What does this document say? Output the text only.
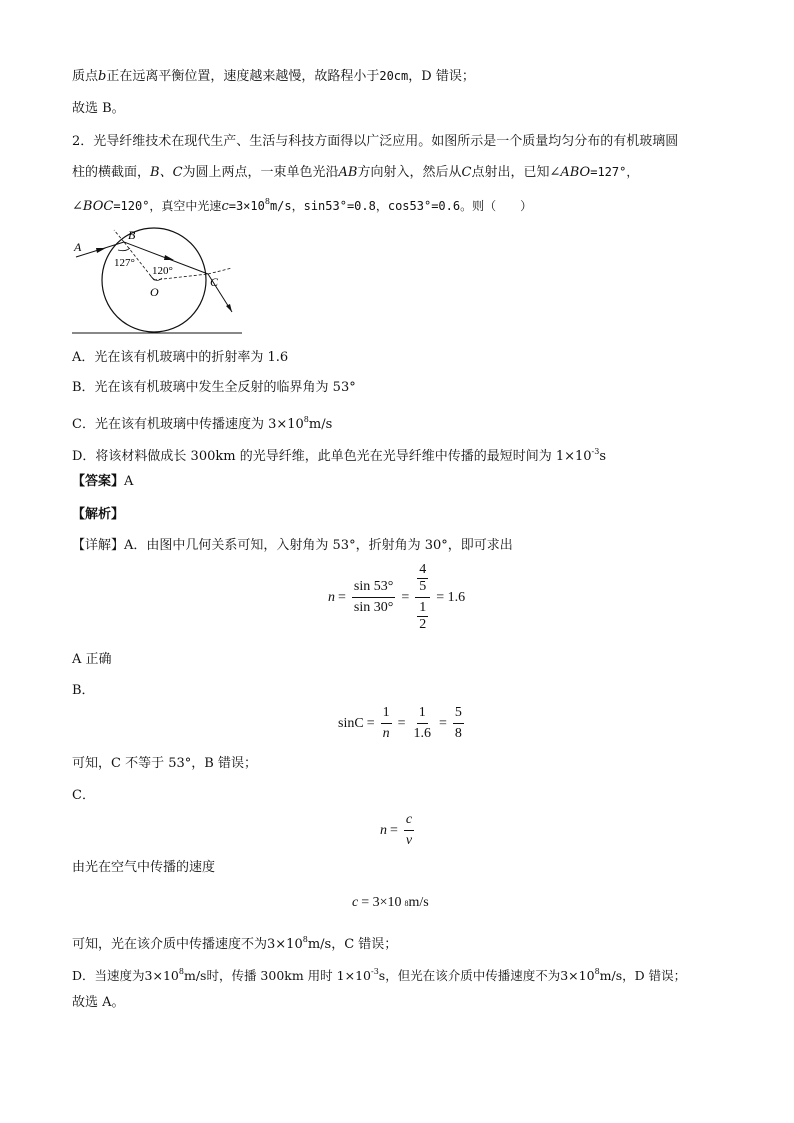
质点b正在远离平衡位置，速度越来越慢，故路程小于20cm，D 错误；
故选 B。
2．光导纤维技术在现代生产、生活与科技方面得以广泛应用。如图所示是一个质量均匀分布的有机玻璃圆
柱的横截面，B、C为圆上两点，一束单色光沿AB方向射入，然后从C点射出，已知∠ABO=127°，
∠BOC=120°，真空中光速$c=3\times 10^8m/s$，sin53°=0.8，cos53°=0.6。则（　　）
A
B
C
O
127°
120°
A．光在该有机玻璃中的折射率为 1.6
B．光在该有机玻璃中发生全反射的临界角为 53°
C．光在该有机玻璃中传播速度为 $3\times 10^8m/s$
D．将该材料做成长 300km 的光导纤维，此单色光在光导纤维中传播的最短时间为 $1\times 10^{-3}s$
【答案】A
【解析】
【详解】A．由图中几何关系可知，入射角为 53°，折射角为 30°，即可求出
$n = \frac{\sin 53^\circ}{\sin 30^\circ} = 4$
5
1
2 = 1.6
A 正确
B．
$\sin C = \frac{1}{n} = \frac{1}{1.6} = \frac{5}{8}$
可知，C 不等于 53°，B 错误；
C．
$n = \frac{c}{v}$
由光在空气中传播的速度
c = 3×10 8 m/s
可知，光在该介质中传播速度不为$3\times 10^8m/s$，C 错误；
D．当速度为$3\times 10^8m/s$时，传播 300km 用时 $1\times 10^{-3}s$，但光在该介质中传播速度不为$3\times 10^8m/s$，D 错误；
故选 A。
